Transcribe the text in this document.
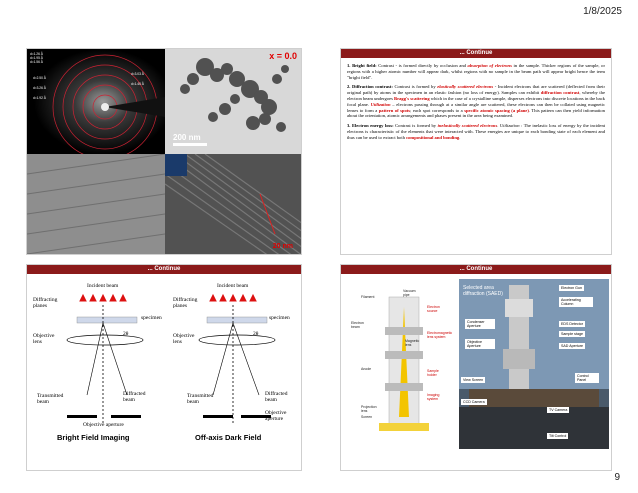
1/8/2025
d=1.26 Å
d=1.95 Å
d=1.56 Å
d=2.50 Å
d=3.26 Å
d=1.92 Å
d=3.03 Å
d=1.40 Å
x = 0.0
200 nm
20 nm
... Continue

1. Bright field: Contrast - is formed directly by occlusion and absorption of electrons in the sample. Thicker regions of the sample, or regions with a higher atomic number will appear dark, whilst regions with no sample in the beam path will appear bright hence the term "bright field".

2. Diffraction contrast: Contrast is formed by elastically scattered electrons - Incident electrons that are scattered (deflected from their original path) by atoms in the specimen in an elastic fashion (no loss of energy). Samples can exhibit diffraction contrast, whereby the electron beam undergoes Bragg's scattering which in the case of a crystalline sample, disperses electrons into discrete locations in the back focal plane. Utilization – electrons passing through at a similar angle are scattered, these electrons can then be collated using magnetic lenses to form a pattern of spots; each spot corresponds to a specific atomic spacing (a plane). This pattern can then yield information about the orientation, atomic arrangements and phases present in the area being examined.

3. Electron energy loss: Contrast is formed by inelastically scattered electrons. Utilization : The inelastic loss of energy by the incident electrons is characteristic of the elements that were interacted with. These energies are unique to each bonding state of each element and thus can be used to extract both compositional and bonding.

... Continue
Incident beam
Diffracting planes
specimen
2θ
Objective lens
Transmitted beam
Diffracted beam
Objective aperture
Bright Field Imaging
Incident beam
Diffracting planes
specimen
2θ
Objective lens
Transmitted beam
Diffracted beam
Objective aperture
Off-axis Dark Field
... Continue
Filament
Electron beam
Anode
Electron source
Electromagnetic lens system
Sample holder
Imaging system
Screen
Projection lens
Magnetic lens
Vacuum pipe
Selected area diffraction (SAED)
Electron Gun
Accelerating Column
Condenser Aperture	EDS Detector
Sample stage
Objective Aperture	SAD Aperture
View Screen
Control Panel
CCD Camera
TV Camera
Tilt Control
9
